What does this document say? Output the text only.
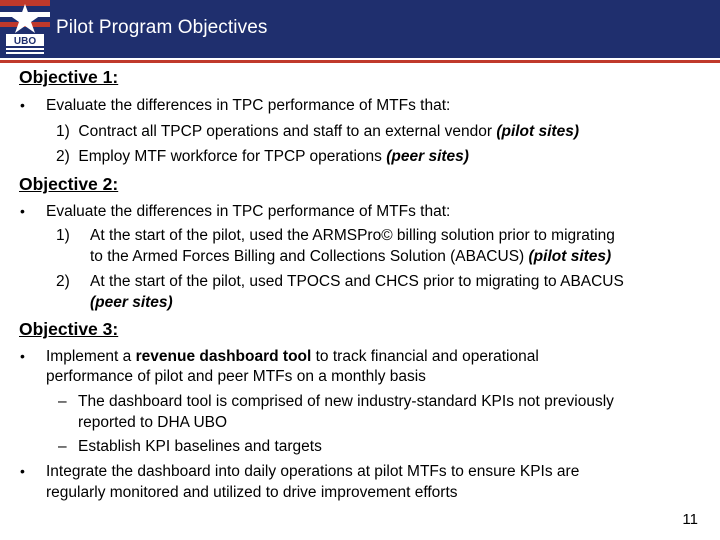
UBO
Pilot Program Objectives
Objective 1:
• Evaluate the differences in TPC performance of MTFs that:
1) Contract all TPCP operations and staff to an external vendor (pilot sites)
2) Employ MTF workforce for TPCP operations (peer sites)
Objective 2:
• Evaluate the differences in TPC performance of MTFs that:
1) At the start of the pilot, used the ARMSPro© billing solution prior to migrating
to the Armed Forces Billing and Collections Solution (ABACUS) (pilot sites)
2) At the start of the pilot, used TPOCS and CHCS prior to migrating to ABACUS
(peer sites)
Objective 3:
• Implement a revenue dashboard tool to track financial and operational
performance of pilot and peer MTFs on a monthly basis
– The dashboard tool is comprised of new industry-standard KPIs not previously
reported to DHA UBO
– Establish KPI baselines and targets
• Integrate the dashboard into daily operations at pilot MTFs to ensure KPIs are
regularly monitored and utilized to drive improvement efforts
11
